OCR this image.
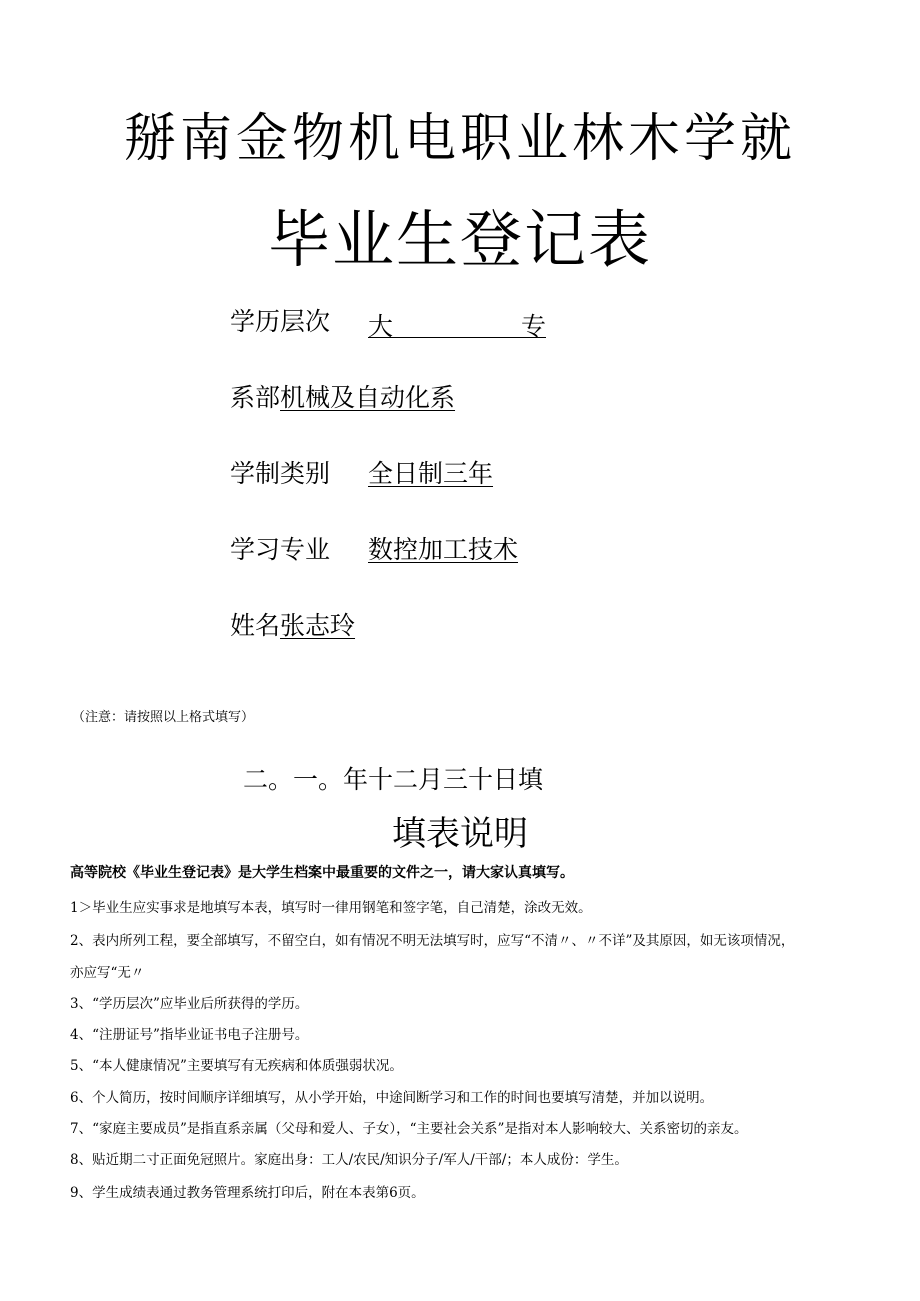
掰南金物机电职业林木学就
毕业生登记表
学历层次 大	专
系部机械及自动化系
学制类别 全日制三年
学习专业 数控加工技术
姓名张志玲
（注意：请按照以上格式填写）
二。一。年十二月三十日填
填表说明
高等院校《毕业生登记表》是大学生档案中最重要的文件之一，请大家认真填写。
1＞毕业生应实事求是地填写本表，填写时一律用钢笔和签字笔，自己清楚，涂改无效。
2、表内所列工程，要全部填写，不留空白，如有情况不明无法填写时，应写“不清〃、〃不详”及其原因，如无该项情况，
亦应写“无〃
3、“学历层次”应毕业后所获得的学历。
4、“注册证号”指毕业证书电子注册号。
5、“本人健康情况”主要填写有无疾病和体质强弱状况。
6、个人简历，按时间顺序详细填写，从小学开始，中途间断学习和工作的时间也要填写清楚，并加以说明。
7、“家庭主要成员”是指直系亲属（父母和爱人、子女），“主要社会关系”是指对本人影响较大、关系密切的亲友。
8、贴近期二寸正面免冠照片。家庭出身：工人/农民/知识分子/军人/干部/；本人成份：学生。
9、学生成绩表通过教务管理系统打印后，附在本表第6页。
